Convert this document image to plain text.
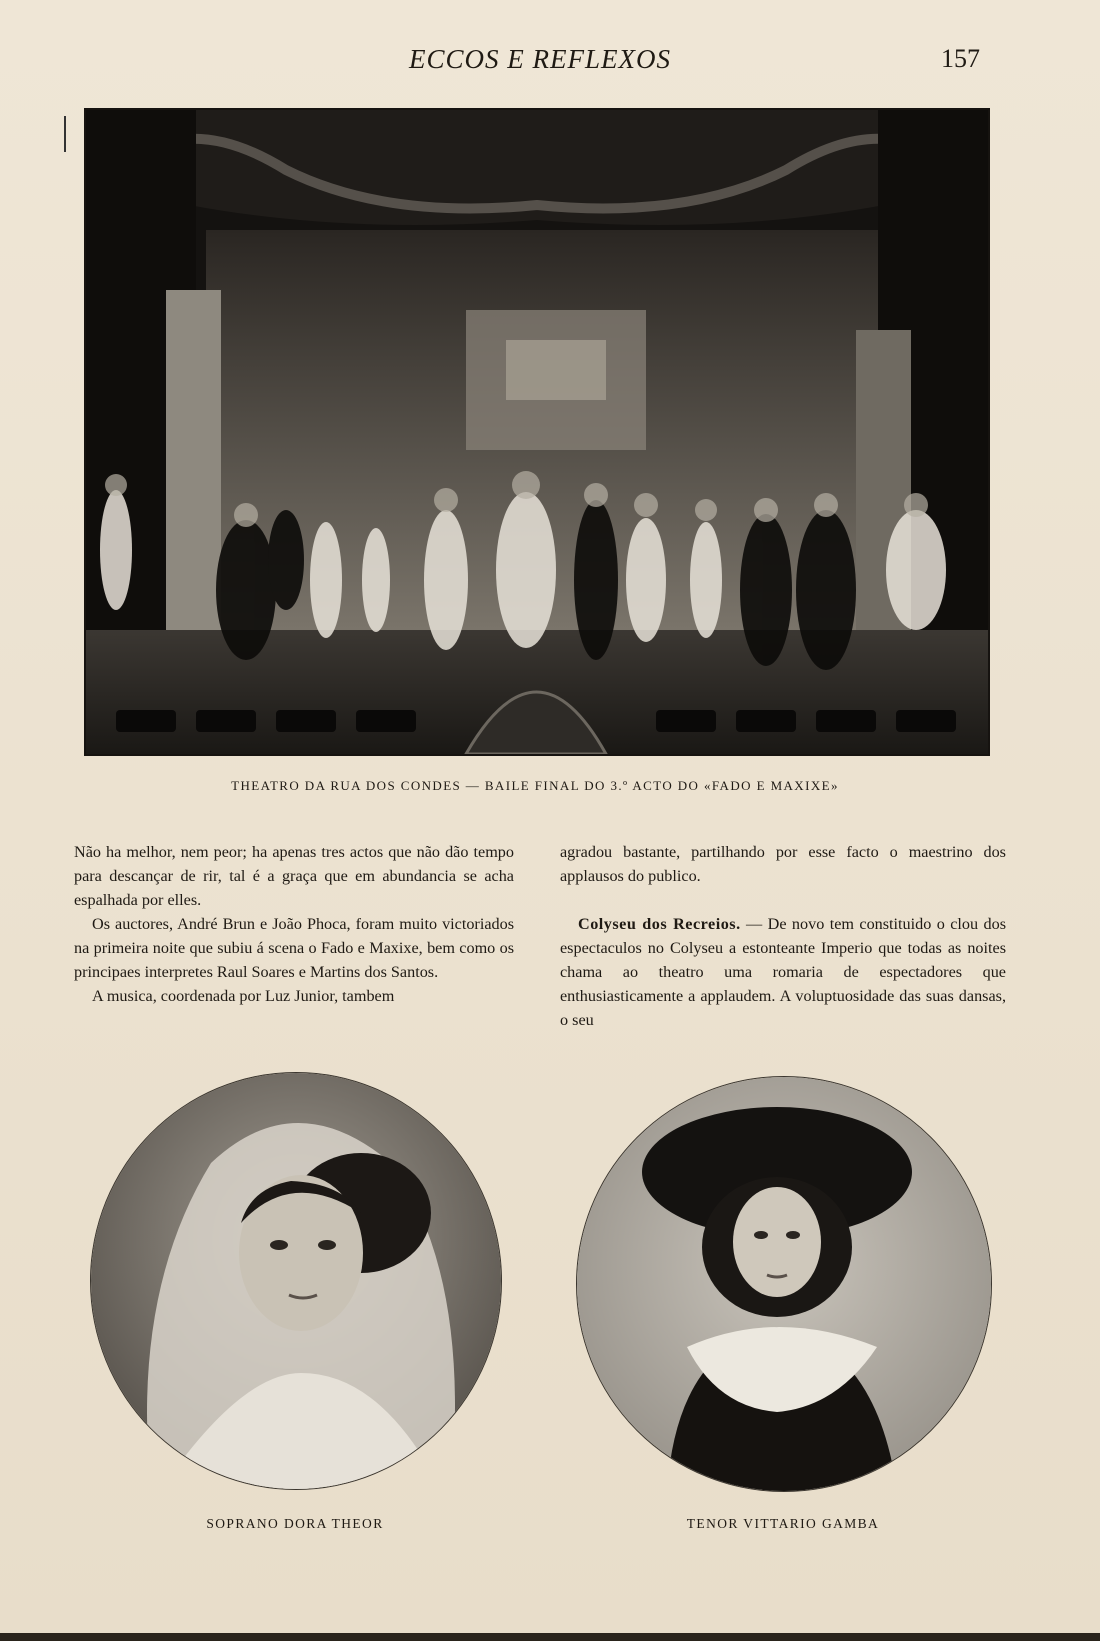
ECCOS E REFLEXOS	157
THEATRO DA RUA DOS CONDES — BAILE FINAL DO 3.º ACTO DO «FADO E MAXIXE»

Não ha melhor, nem peor; ha apenas tres actos que não dão tempo para descançar de rir, tal é a graça que em abundancia se acha espalhada por elles.

Os auctores, André Brun e João Phoca, foram muito victoriados na primeira noite que subiu á scena o Fado e Maxixe, bem como os principaes interpretes Raul Soares e Martins dos Santos.

A musica, coordenada por Luz Junior, tambem

agradou bastante, partilhando por esse facto o maestrino dos applausos do publico.

Colyseu dos Recreios. — De novo tem constituido o clou dos espectaculos no Colyseu a estonteante Imperio que todas as noites chama ao theatro uma romaria de espectadores que enthusiasticamente a applaudem. A voluptuosidade das suas dansas, o seu

SOPRANO DORA THEOR	TENOR VITTARIO GAMBA
